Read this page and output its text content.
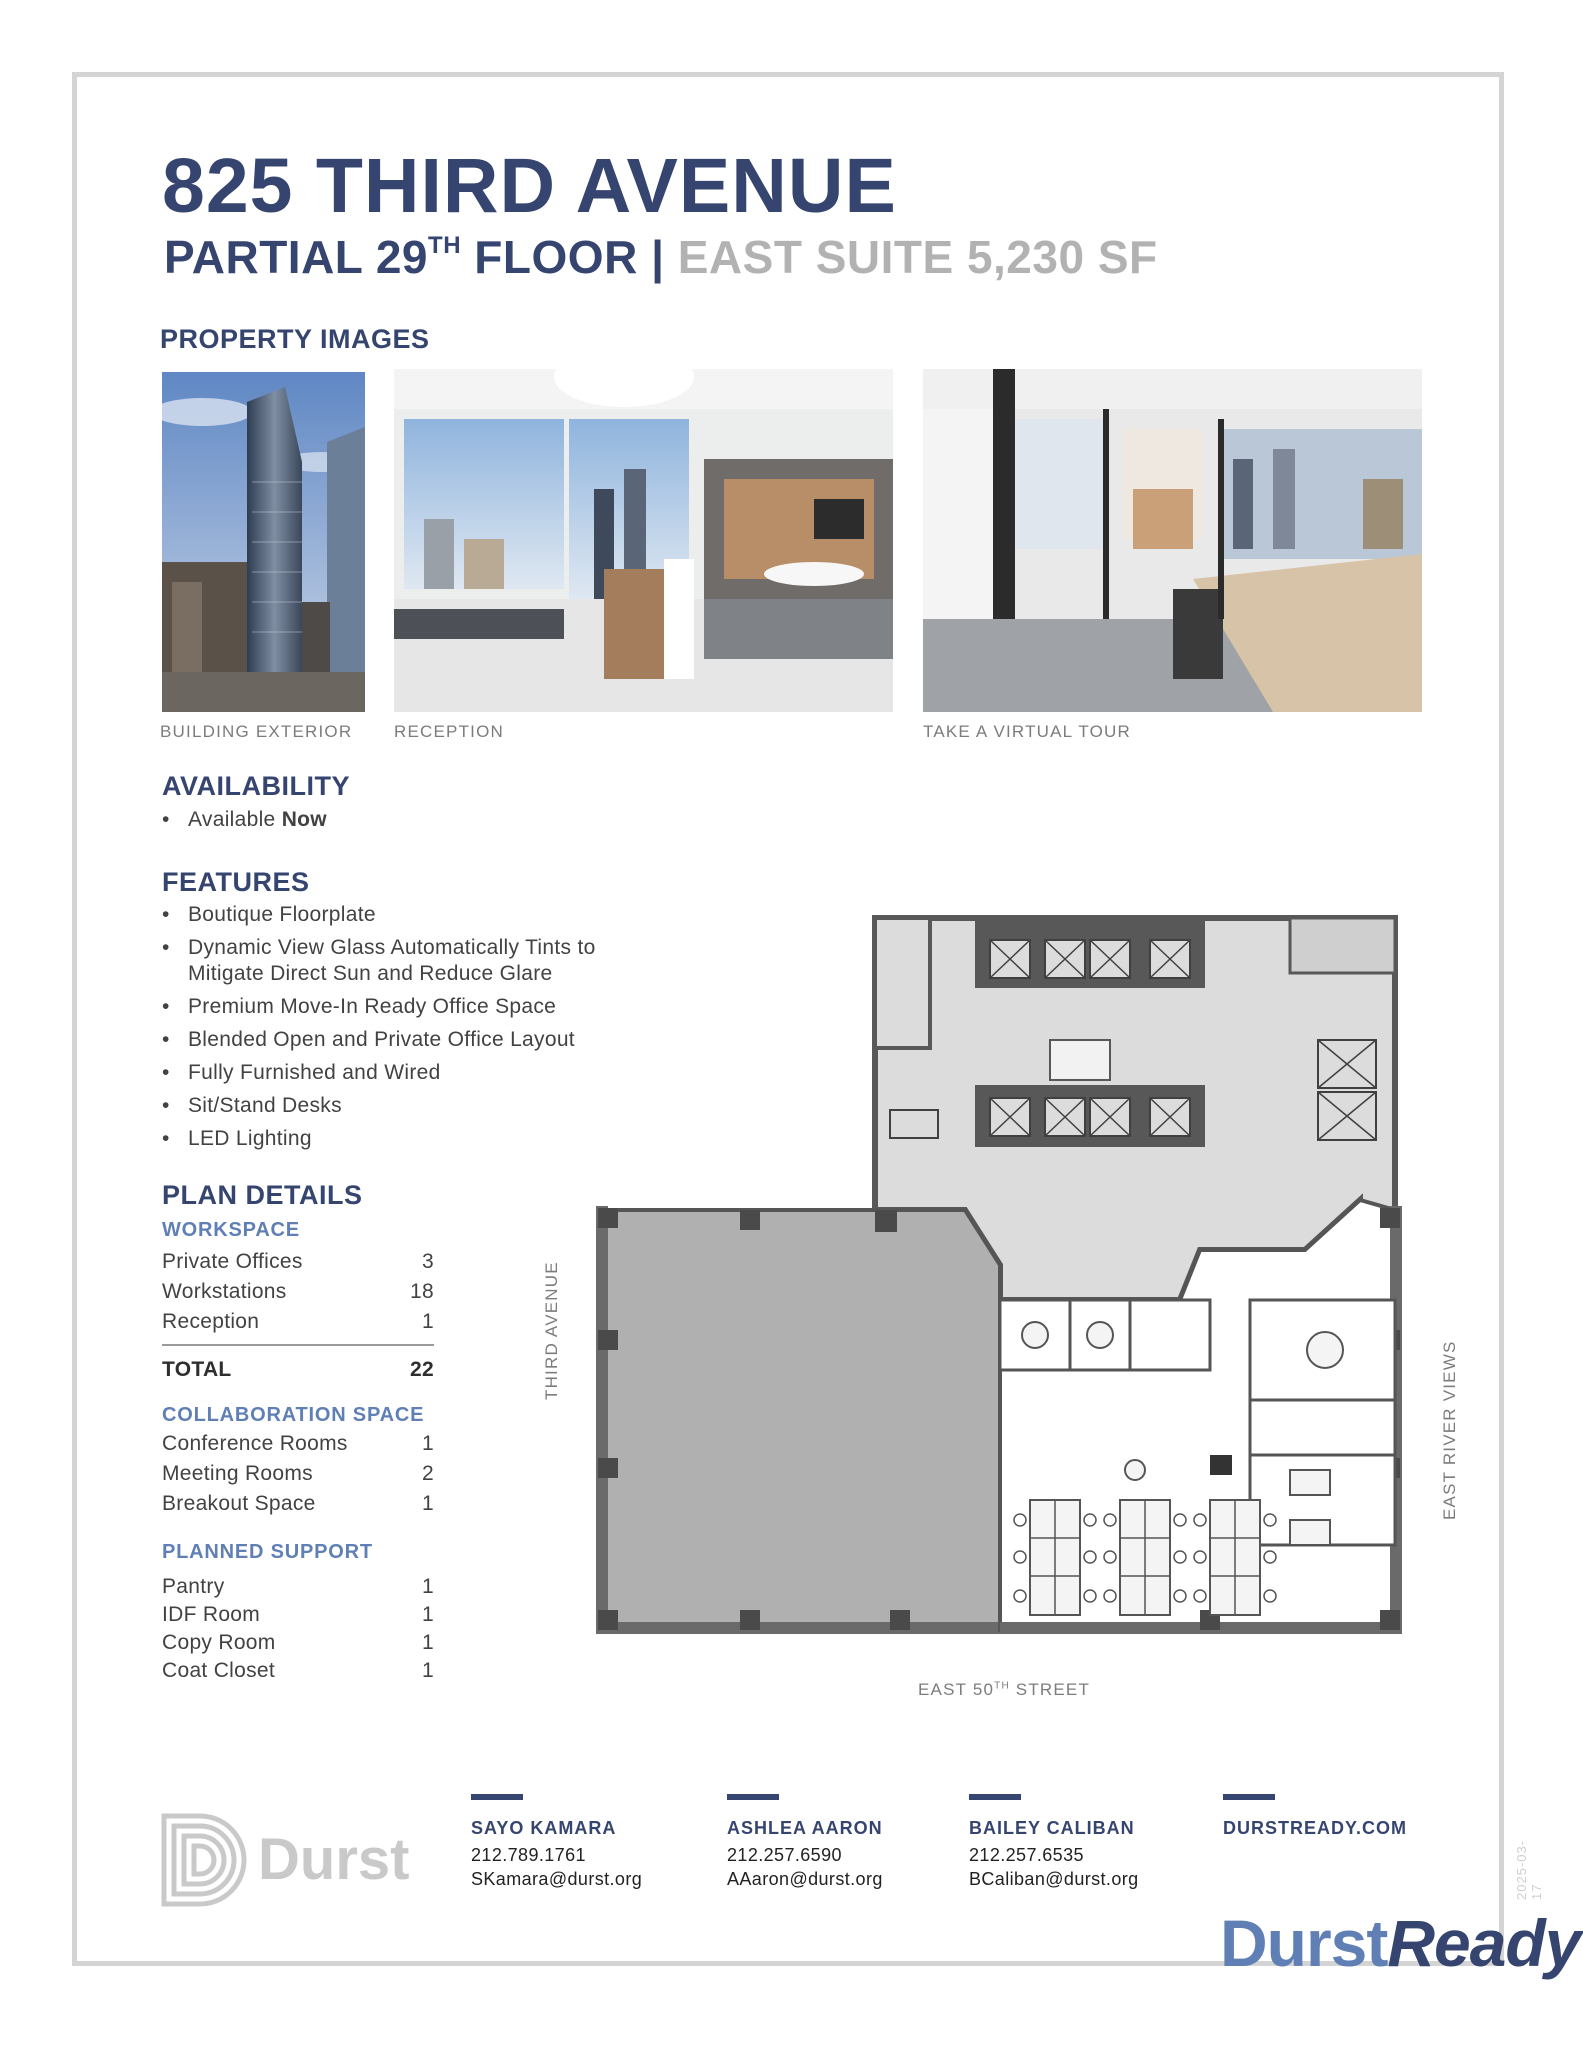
825 THIRD AVENUE
PARTIAL 29TH FLOOR | EAST SUITE 5,230 SF
PROPERTY IMAGES
BUILDING EXTERIOR RECEPTION	TAKE A VIRTUAL TOUR
AVAILABILITY
• Available Now
FEATURES
• Boutique Floorplate
• Dynamic View Glass Automatically Tints to Mitigate Direct Sun and Reduce Glare
• Premium Move-In Ready Office Space
• Blended Open and Private Office Layout
• Fully Furnished and Wired
• Sit/Stand Desks
• LED Lighting
PLAN DETAILS
WORKSPACE
Private Offices	3
Workstations	18
Reception	1
TOTAL	22
COLLABORATION SPACE
Conference Rooms	1
Meeting Rooms	2
Breakout Space	1
PLANNED SUPPORT
Pantry	1
IDF Room	1
Copy Room	1
Coat Closet	1
THIRD AVENUE
EAST RIVER VIEWS
EAST 50TH STREET
Durst	SAYO KAMARA
212.789.1761
SKamara@durst.org
ASHLEA AARON
212.257.6590
AAaron@durst.org
BAILEY CALIBAN
212.257.6535
BCaliban@durst.org
DURSTREADY.COM
DurstReady
2025-03-17
